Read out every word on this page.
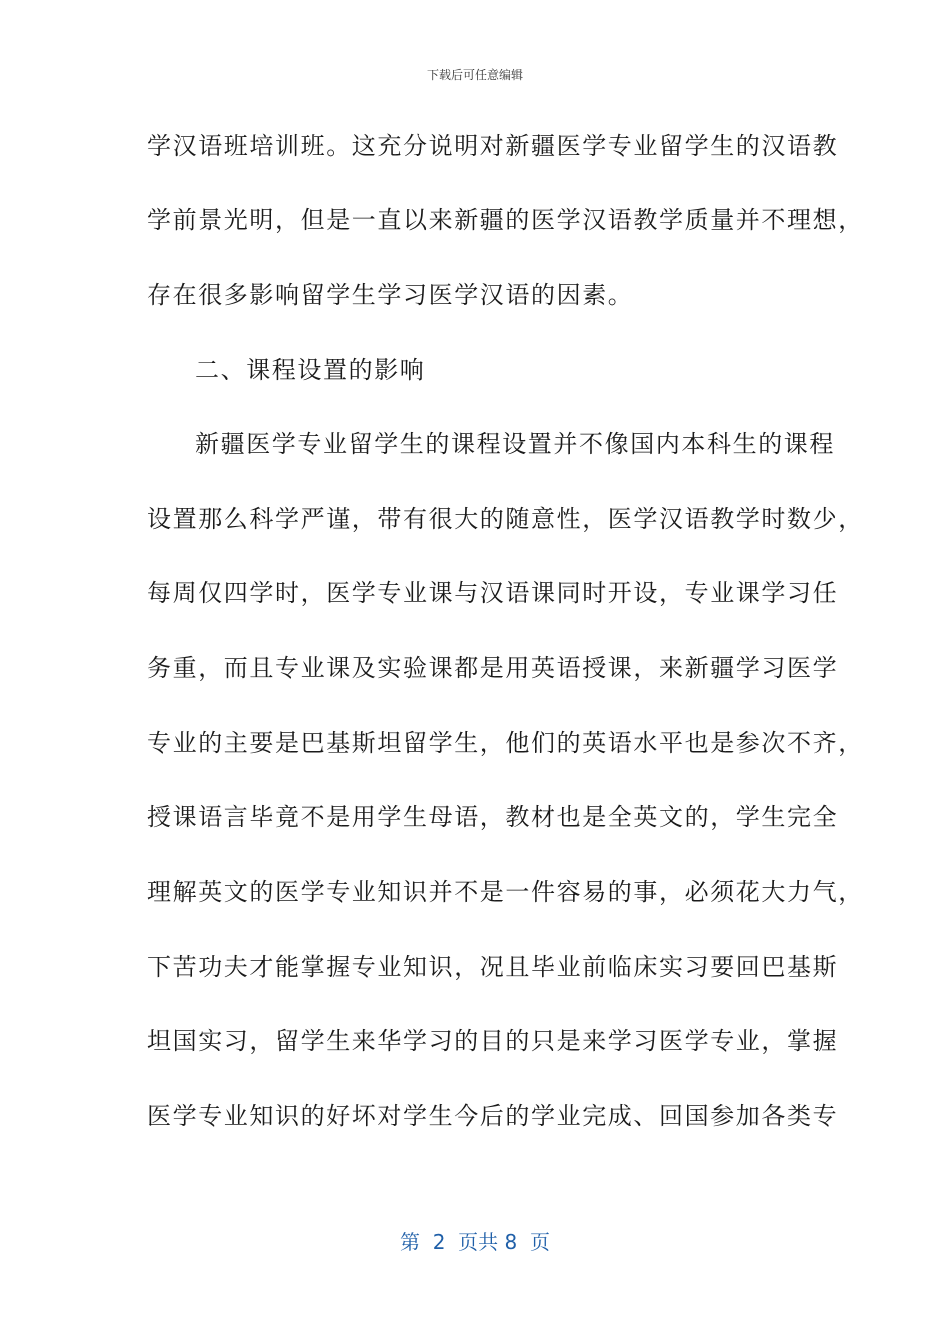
下载后可任意编辑
学汉语班培训班。这充分说明对新疆医学专业留学生的汉语教
学前景光明，但是一直以来新疆的医学汉语教学质量并不理想，
存在很多影响留学生学习医学汉语的因素。
二、课程设置的影响
新疆医学专业留学生的课程设置并不像国内本科生的课程
设置那么科学严谨，带有很大的随意性，医学汉语教学时数少，
每周仅四学时，医学专业课与汉语课同时开设，专业课学习任
务重，而且专业课及实验课都是用英语授课，来新疆学习医学
专业的主要是巴基斯坦留学生，他们的英语水平也是参次不齐，
授课语言毕竟不是用学生母语，教材也是全英文的，学生完全
理解英文的医学专业知识并不是一件容易的事，必须花大力气，
下苦功夫才能掌握专业知识，况且毕业前临床实习要回巴基斯
坦国实习，留学生来华学习的目的只是来学习医学专业，掌握
医学专业知识的好坏对学生今后的学业完成、回国参加各类专
第  2  页共 8  页
